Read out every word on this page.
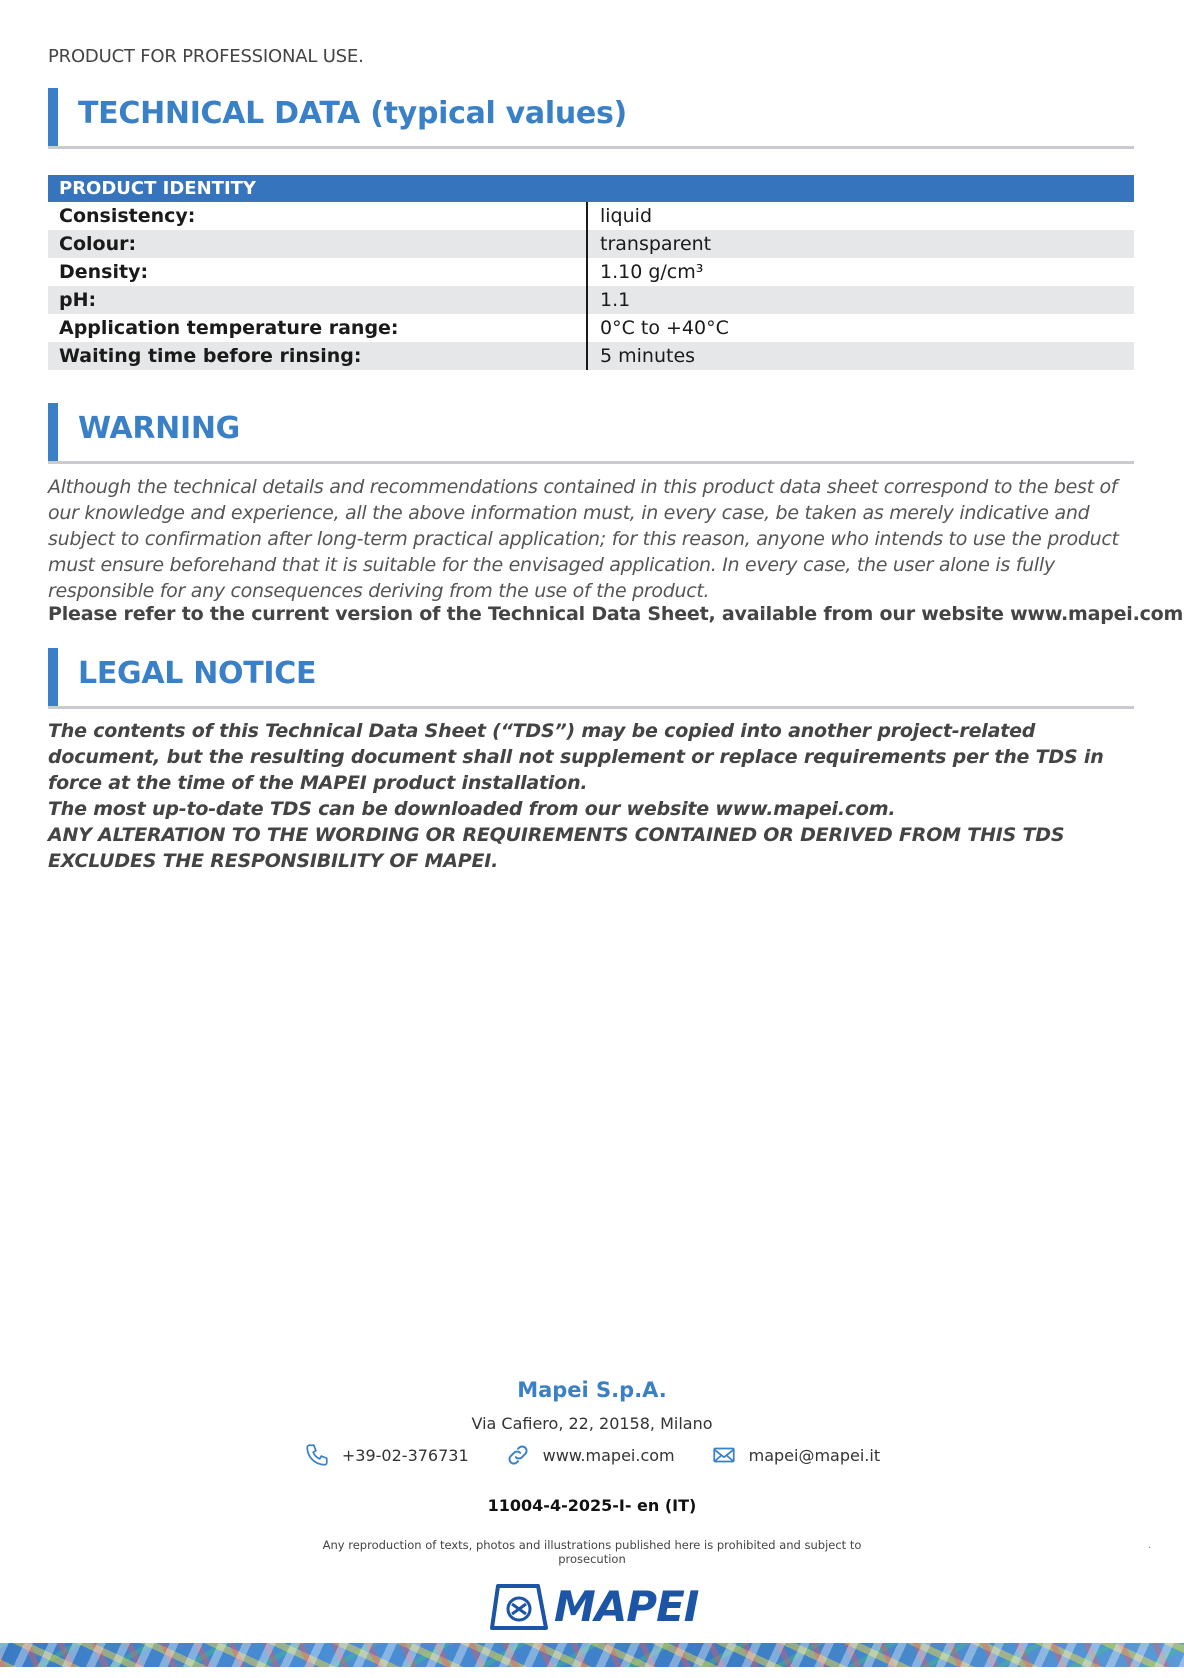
PRODUCT FOR PROFESSIONAL USE.
TECHNICAL DATA (typical values)
PRODUCT IDENTITY
Consistency:	liquid
Colour:	transparent
Density:	1.10 g/cm³
pH:	1.1
Application temperature range:	0°C to +40°C
Waiting time before rinsing:	5 minutes
WARNING
Although the technical details and recommendations contained in this product data sheet correspond to the best of our knowledge and experience, all the above information must, in every case, be taken as merely indicative and subject to confirmation after long-term practical application; for this reason, anyone who intends to use the product must ensure beforehand that it is suitable for the envisaged application. In every case, the user alone is fully responsible for any consequences deriving from the use of the product.
Please refer to the current version of the Technical Data Sheet, available from our website www.mapei.com
LEGAL NOTICE

The contents of this Technical Data Sheet (“TDS”) may be copied into another project-related document, but the resulting document shall not supplement or replace requirements per the TDS in force at the time of the MAPEI product installation.

The most up-to-date TDS can be downloaded from our website www.mapei.com.

ANY ALTERATION TO THE WORDING OR REQUIREMENTS CONTAINED OR DERIVED FROM THIS TDS EXCLUDES THE RESPONSIBILITY OF MAPEI.

Mapei S.p.A.
Via Cafiero, 22, 20158, Milano
+39-02-376731	www.mapei.com	mapei@mapei.it
11004-4-2025-I- en (IT)
Any reproduction of texts, photos and illustrations published here is prohibited and subject to prosecution
.
MAPEI
